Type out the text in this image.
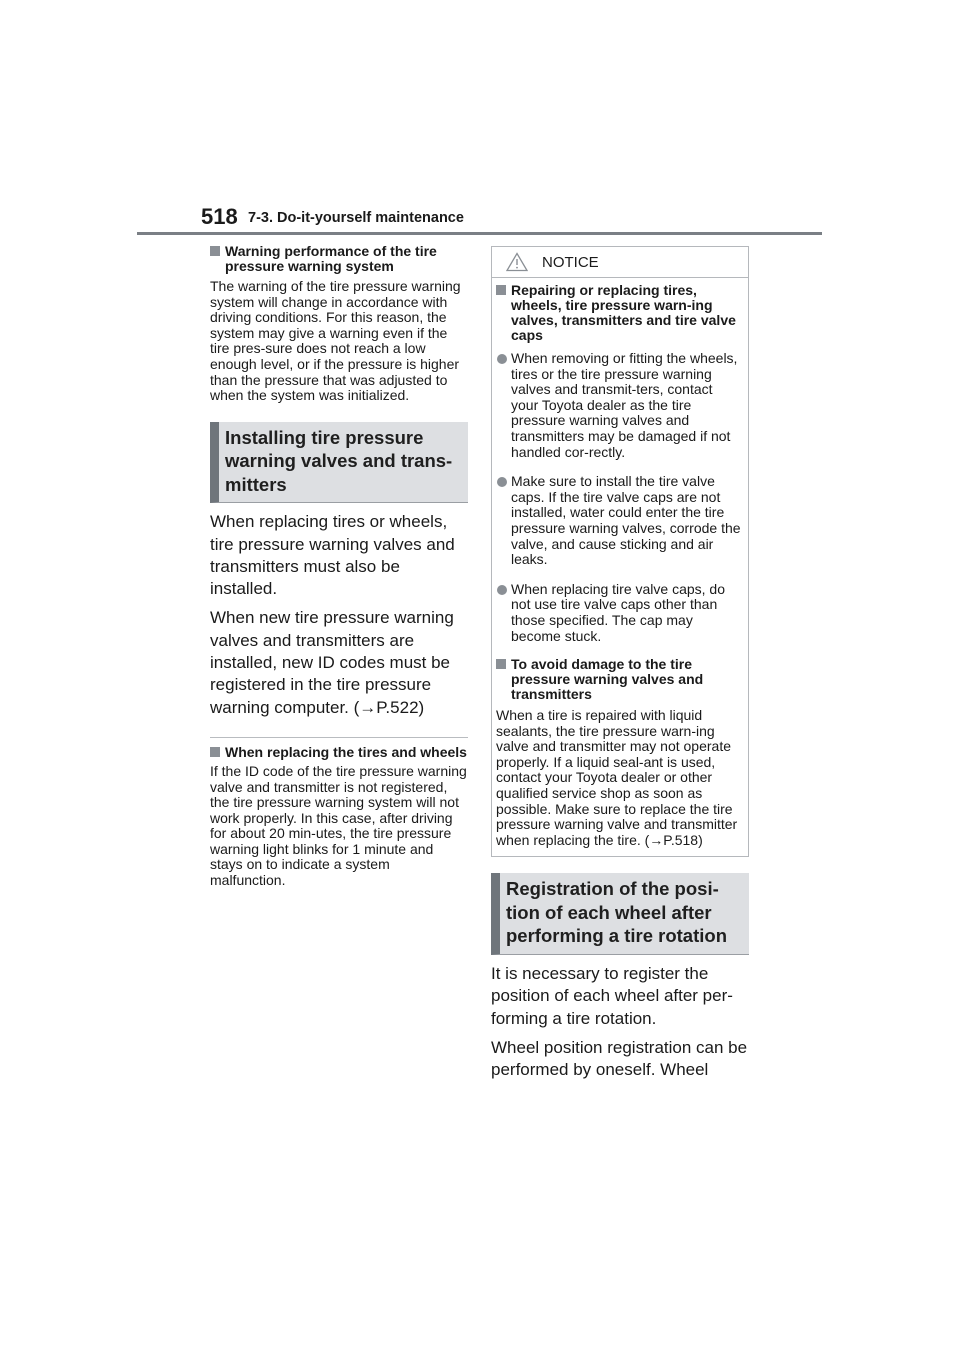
518 7-3. Do-it-yourself maintenance
Warning performance of the tire pressure warning system

The warning of the tire pressure warning system will change in accordance with driving conditions. For this reason, the system may give a warning even if the tire pres-sure does not reach a low enough level, or if the pressure is higher than the pressure that was adjusted to when the system was initialized.

Installing tire pressure warning valves and trans-mitters

When replacing tires or wheels, tire pressure warning valves and transmitters must also be installed.

When new tire pressure warning valves and transmitters are installed, new ID codes must be registered in the tire pressure warning computer. (→P.522)

When replacing the tires and wheels

If the ID code of the tire pressure warning valve and transmitter is not registered, the tire pressure warning system will not work properly. In this case, after driving for about 20 min-utes, the tire pressure warning light blinks for 1 minute and stays on to indicate a system malfunction.

NOTICE
Repairing or replacing tires, wheels, tire pressure warn-ing valves, transmitters and tire valve caps
When removing or fitting the wheels, tires or the tire pressure warning valves and transmit-ters, contact your Toyota dealer as the tire pressure warning valves and transmitters may be damaged if not handled cor-rectly.
Make sure to install the tire valve caps. If the tire valve caps are not installed, water could enter the tire pressure warning valves, corrode the valve, and cause sticking and air leaks.
When replacing tire valve caps, do not use tire valve caps other than those specified. The cap may become stuck.
To avoid damage to the tire pressure warning valves and transmitters

When a tire is repaired with liquid sealants, the tire pressure warn-ing valve and transmitter may not operate properly. If a liquid seal-ant is used, contact your Toyota dealer or other qualified service shop as soon as possible. Make sure to replace the tire pressure warning valve and transmitter when replacing the tire. (→P.518)

Registration of the posi-tion of each wheel after performing a tire rotation

It is necessary to register the position of each wheel after per-forming a tire rotation.

Wheel position registration can be performed by oneself. Wheel
